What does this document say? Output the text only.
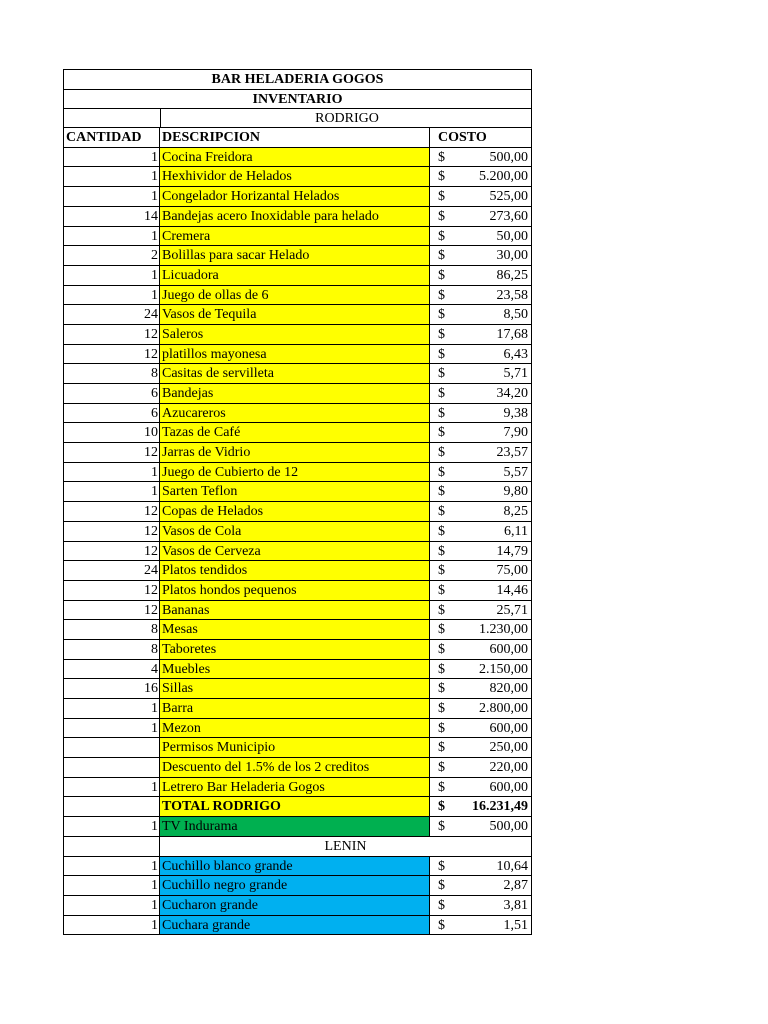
BAR HELADERIA GOGOS
INVENTARIO
RODRIGO
CANTIDAD	DESCRIPCION	COSTO
1 Cocina Freidora	$	500,00
1 Hexhividor de Helados	$ 5.200,00
1 Congelador Horizantal Helados	$	525,00
14 Bandejas acero Inoxidable para helado	$	273,60
1 Cremera	$	50,00
2 Bolillas para sacar Helado	$	30,00
1 Licuadora	$	86,25
1 Juego de ollas de 6	$	23,58
24 Vasos de Tequila	$	8,50
12 Saleros	$	17,68
12 platillos mayonesa	$	6,43
8 Casitas de servilleta	$	5,71
6 Bandejas	$	34,20
6 Azucareros	$	9,38
10 Tazas de Café	$	7,90
12 Jarras de Vidrio	$	23,57
1 Juego de Cubierto de 12	$	5,57
1 Sarten Teflon	$	9,80
12 Copas de Helados	$	8,25
12 Vasos de Cola	$	6,11
12 Vasos de Cerveza	$	14,79
24 Platos tendidos	$	75,00
12 Platos hondos pequenos	$	14,46
12 Bananas	$	25,71
8 Mesas	$ 1.230,00
8 Taboretes	$	600,00
4 Muebles	$ 2.150,00
16 Sillas	$	820,00
1 Barra	$ 2.800,00
1 Mezon	$	600,00
Permisos Municipio	$	250,00
Descuento del 1.5% de los 2 creditos	$	220,00
1 Letrero Bar Heladeria Gogos	$	600,00
TOTAL RODRIGO	$ 16.231,49
1 TV Indurama	$	500,00
LENIN
1 Cuchillo blanco grande	$	10,64
1 Cuchillo negro grande	$	2,87
1 Cucharon grande	$	3,81
1 Cuchara grande	$	1,51
